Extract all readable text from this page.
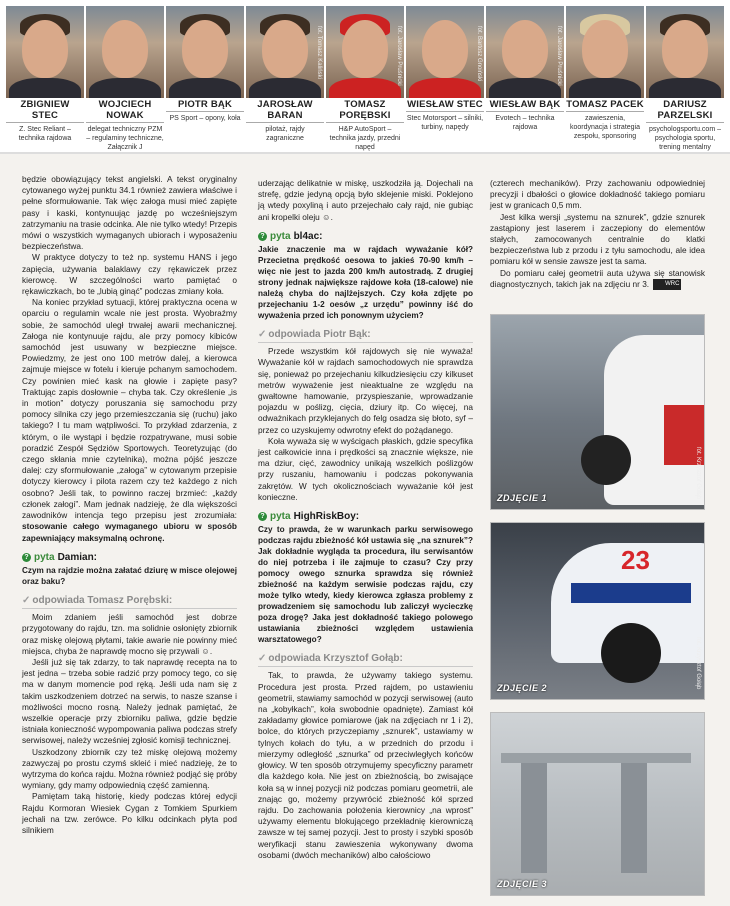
fot. Tomasz Kaliński	fot. Jarosław Pruśnicki	fot. Bartosz Gnoiński	fot. Jarosław Pruśnicki
ZBIGNIEW STEC
Z. Stec Reliant – technika rajdowa
WOJCIECH NOWAK
delegat techniczny PZM – regulaminy techniczne, Załącznik J
PIOTR BĄK
PS Sport – opony, koła
JAROSŁAW BARAN
pilotaż, rajdy zagraniczne
TOMASZ PORĘBSKI
H&P AutoSport – technika jazdy, przedni napęd
WIESŁAW STEC
Stec Motorsport – silniki, turbiny, napędy
WIESŁAW BĄK
Evotech – technika rajdowa
TOMASZ PACEK
zawieszenia, koordynacja i strategia zespołu, sponsoring
DARIUSZ PARZELSKI
psychologsportu.com – psychologia sportu, trening mentalny

będzie obowiązujący tekst angielski. A tekst oryginalny cytowanego wyżej punktu 34.1 również zawiera właściwe i pełne sformułowanie. Tak więc załoga musi mieć zapięte pasy i kaski, kontynuując jazdę po wcześniejszym zatrzymaniu na trasie odcinka. Ale nie tylko wtedy! Przepis mówi o wszystkich wymaganych ubiorach i wyposażeniu bezpieczeństwa.

W praktyce dotyczy to też np. systemu HANS i jego zapięcia, używania balaklawy czy rękawiczek przez kierowcę. W szczególności warto pamiętać o rękawiczkach, bo te „lubią ginąć” podczas zmiany koła.

Na koniec przykład sytuacji, której praktyczna ocena w oparciu o regulamin wcale nie jest prosta. Wyobraźmy sobie, że samochód uległ trwałej awarii mechanicznej. Załoga nie kontynuuje rajdu, ale przy pomocy kibiców samochód jest usuwany w bezpieczne miejsce. Powiedzmy, że jest ono 100 metrów dalej, a kierowca zajmuje miejsce w fotelu i kieruje pchanym samochodem. Czy powinien mieć kask na głowie i zapięte pasy? Traktując zapis dosłownie – chyba tak. Czy określenie „is in motion” dotyczy poruszania się samochodu przy pomocy silnika czy jego przemieszczania się (ruchu) jako takiego? I tu mam wątpliwości. To przykład zdarzenia, z którym, o ile wystąpi i będzie rozpatrywane, musi sobie poradzić Zespół Sędziów Sportowych. Teoretyzując (do czego skłania mnie czytelnika), można pójść jeszcze dalej: czy sformułowanie „załoga” w cytowanym przepisie dotyczy kierowcy i pilota razem czy też każdego z nich osobno? Jeśli tak, to powinno raczej brzmieć: „każdy członek załogi”. Mam jednak nadzieję, że dla większości zawodników intencja tego przepisu jest zrozumiała: stosowanie całego wymaganego ubioru w sposób zapewniający maksymalną ochronę.

? pyta Damian:
Czym na rajdzie można załatać dziurę w misce olejowej oraz baku?
✓ odpowiada Tomasz Porębski:

Moim zdaniem jeśli samochód jest dobrze przygotowany do rajdu, tzn. ma solidnie osłonięty zbiornik oraz miskę olejową płytami, takie awarie nie powinny mieć miejsca, chyba że naprawdę mocno się przywali ☺.

Jeśli już się tak zdarzy, to tak naprawdę recepta na to jest jedna – trzeba sobie radzić przy pomocy tego, co się ma w danym momencie pod ręką. Jeśli uda nam się z takim uszkodzeniem dotrzeć na serwis, to nasze szanse i możliwości mocno rosną. Należy jednak pamiętać, że wszelkie operacje przy zbiorniku paliwa, gdzie będzie istniała konieczność wypompowania paliwa podczas strefy serwisowej, należy wcześniej zgłosić komisji technicznej.

Uszkodzony zbiornik czy też miskę olejową możemy zazwyczaj po prostu czymś skleić i mieć nadzieję, że to wytrzyma do końca rajdu. Można również podjąć się próby wymiany, gdy mamy odpowiednią część zamienną.

Pamiętam taką historię, kiedy podczas której edycji Rajdu Kormoran Wiesiek Cygan z Tomkiem Spurkiem jechali na tzw. zerówce. Po kilku odcinkach płyta pod silnikiem

uderzając delikatnie w miskę, uszkodziła ją. Dojechali na strefę, gdzie jedyną opcją było sklejenie miski. Poklejono ją wtedy poxyliną i auto przejechało cały rajd, nie gubiąc ani kropelki oleju ☺.

? pyta bl4ac:
Jakie znaczenie ma w rajdach wyważanie kół? Przecietna prędkość oesowa to jakieś 70-90 km/h – więc nie jest to jazda 200 km/h autostradą. Z drugiej strony jednak największe rajdowe koła (18-calowe) nie należą chyba do najlżejszych. Czy koła zdjęte po przejechaniu 1-2 oesów „z urzędu” powinny iść do wyważenia przed ich ponownym użyciem?
✓ odpowiada Piotr Bąk:

Przede wszystkim kół rajdowych się nie wyważa! Wyważanie kół w rajdach samochodowych nie sprawdza się, ponieważ po przejechaniu kilkudziesięciu czy kilkuset metrów wyważenie jest nieaktualne ze względu na gwałtowne hamowanie, przyspieszanie, wprowadzanie pojazdu w poślizg, cięcia, dziury itp. Co więcej, na odważnikach przyklejanych do felg osadza się błoto, syf – przez co uzyskujemy odwrotny efekt do pożądanego.

Koła wyważa się w wyścigach płaskich, gdzie specyfika jest całkowicie inna i prędkości są znacznie większe, nie ma dziur, cięć, zawodnicy unikają wszelkich poślizgów przy ruszaniu, hamowaniu i podczas pokonywania zakrętów. W tych okolicznościach wyważanie kół jest konieczne.

? pyta HighRiskBoy:
Czy to prawda, że w warunkach parku serwisowego podczas rajdu zbieżność kół ustawia się „na sznurek”? Jak dokładnie wygląda ta procedura, ilu serwisantów do niej potrzeba i ile zajmuje to czasu? Czy przy pomocy owego sznurka sprawdza się również zbieżność na każdym serwisie podczas rajdu, czy może tylko wtedy, kiedy kierowca zgłasza problemy z prowadzeniem się samochodu lub zaliczył wycieczkę poza drogę? Jaka jest dokładność takiego polowego ustawiania zbieżności względem ustawienia warsztatowego?
✓ odpowiada Krzysztof Gołąb:

Tak, to prawda, że używamy takiego systemu. Procedura jest prosta. Przed rajdem, po ustawieniu geometrii, stawiamy samochód w pozycji serwisowej (auto na „kobyłkach”, koła swobodnie opadnięte). Zamiast kół zakładamy głowice pomiarowe (jak na zdjęciach nr 1 i 2), bolce, do których przyczepiamy „sznurek”, ustawiamy w tylnych kołach do tyłu, a w przednich do przodu i mierzymy odległość „sznurka” od przeciwległych końców głowicy. W ten sposób otrzymujemy specyficzny parametr dla każdego koła. Nie jest on zbieżnością, bo zwisające koła są w innej pozycji niż podczas pomiaru geometrii, ale znając go, możemy przywrócić zbieżność kół sprzed rajdu. Do zachowania położenia kierownicy „na wprost” używamy elementu blokującego przekładnię kierowniczą zawsze w tej samej pozycji. Jest to prosty i szybki sposób weryfikacji stanu zawieszenia wykonywany dwoma osobami (dwóch mechaników) albo całościowo

(czterech mechaników). Przy zachowaniu odpowiedniej precyzji i dbałości o głowice dokładność takiego pomiaru jest w granicach 0,5 mm.

Jest kilka wersji „systemu na sznurek”, gdzie sznurek zastąpiony jest laserem i zaczepiony do elementów stałych, zamocowanych centralnie do klatki bezpieczeństwa lub z przodu i z tyłu samochodu, ale idea pomiaru kół w sensie zawsze jest ta sama.

Do pomiaru całej geometrii auta używa się stanowisk diagnostycznych, takich jak na zdjęciu nr 3.	WRC

ZDJĘCIE 1	fot. Krzysztof Gołąb
23
ZDJĘCIE 2	fot. Krzysztof Gołąb
ZDJĘCIE 3
